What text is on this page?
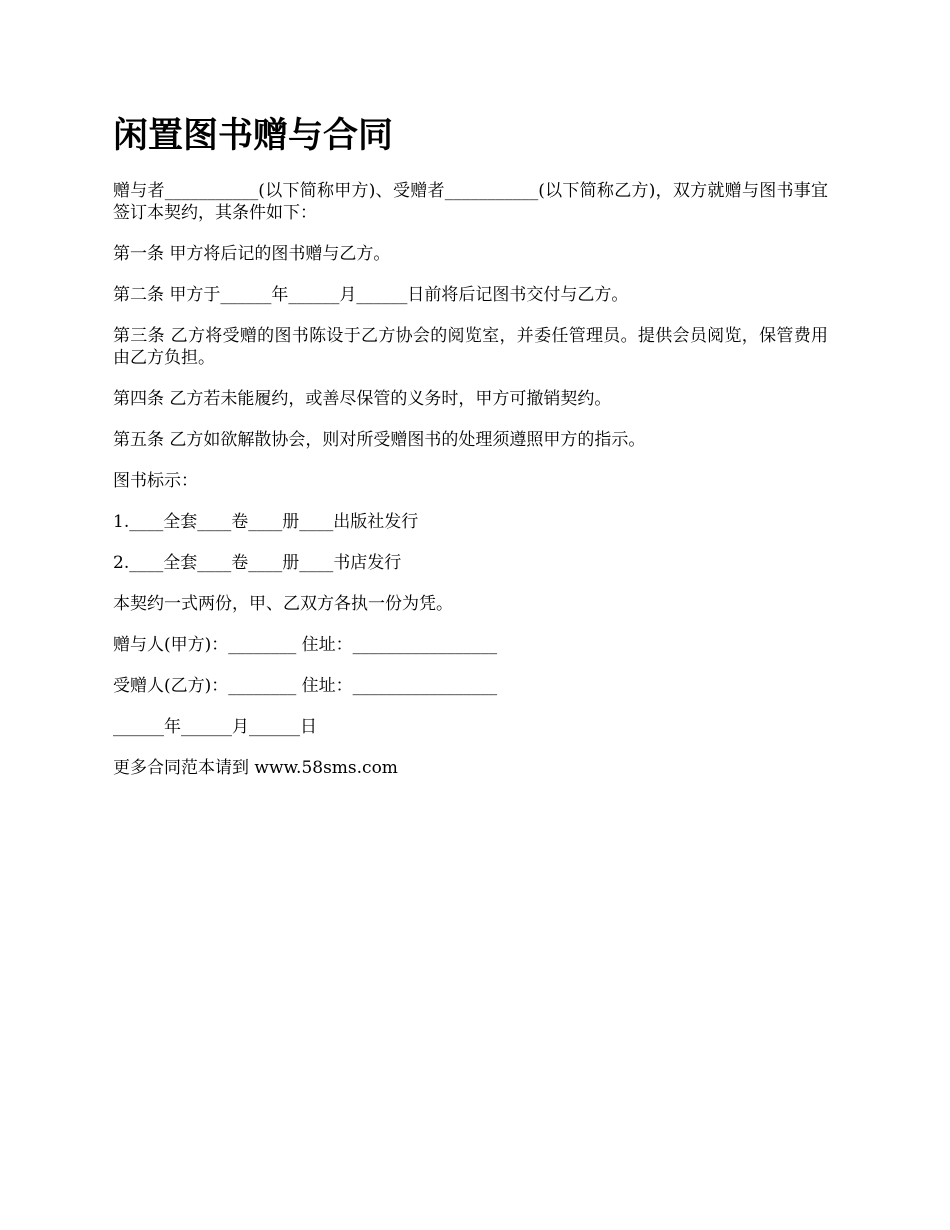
闲置图书赠与合同

赠与者___________(以下简称甲方)、受赠者___________(以下简称乙方)，双方就赠与图书事宜签订本契约，其条件如下：

第一条 甲方将后记的图书赠与乙方。

第二条 甲方于______年______月______日前将后记图书交付与乙方。

第三条 乙方将受赠的图书陈设于乙方协会的阅览室，并委任管理员。提供会员阅览，保管费用由乙方负担。

第四条 乙方若未能履约，或善尽保管的义务时，甲方可撤销契约。

第五条 乙方如欲解散协会，则对所受赠图书的处理须遵照甲方的指示。

图书标示：

1.____全套____卷____册____出版社发行

2.____全套____卷____册____书店发行

本契约一式两份，甲、乙双方各执一份为凭。

赠与人(甲方)：________ 住址：_________________

受赠人(乙方)：________ 住址：_________________

______年______月______日

更多合同范本请到 www.58sms.com
